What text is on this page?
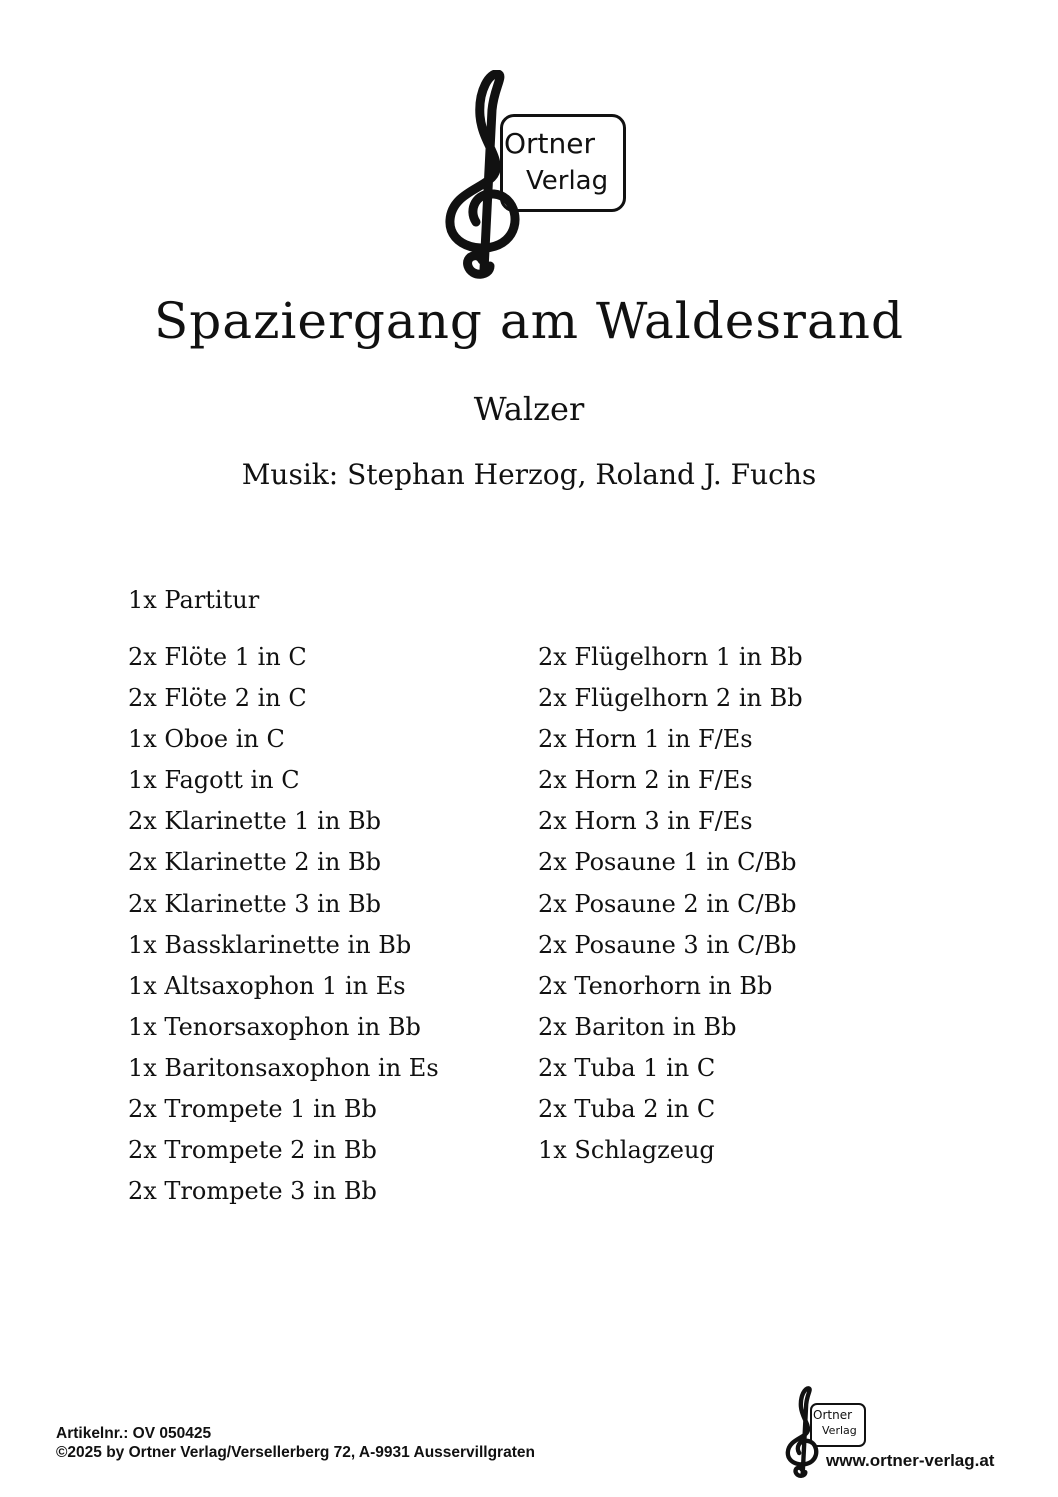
Ortner
Verlag
Spaziergang am Waldesrand
Walzer
Musik: Stephan Herzog, Roland J. Fuchs
1x Partitur
2x Flöte 1 in C
2x Flöte 2 in C
1x Oboe in C
1x Fagott in C
2x Klarinette 1 in Bb
2x Klarinette 2 in Bb
2x Klarinette 3 in Bb
1x Bassklarinette in Bb
1x Altsaxophon 1 in Es
1x Tenorsaxophon in Bb
1x Baritonsaxophon in Es
2x Trompete 1 in Bb
2x Trompete 2 in Bb
2x Trompete 3 in Bb
2x Flügelhorn 1 in Bb
2x Flügelhorn 2 in Bb
2x Horn 1 in F/Es
2x Horn 2 in F/Es
2x Horn 3 in F/Es
2x Posaune 1 in C/Bb
2x Posaune 2 in C/Bb
2x Posaune 3 in C/Bb
2x Tenorhorn in Bb
2x Bariton in Bb
2x Tuba 1 in C
2x Tuba 2 in C
1x Schlagzeug
Artikelnr.: OV 050425
©2025 by Ortner Verlag/Versellerberg 72, A-9931 Ausservillgraten
Ortner
Verlag
www.ortner-verlag.at
